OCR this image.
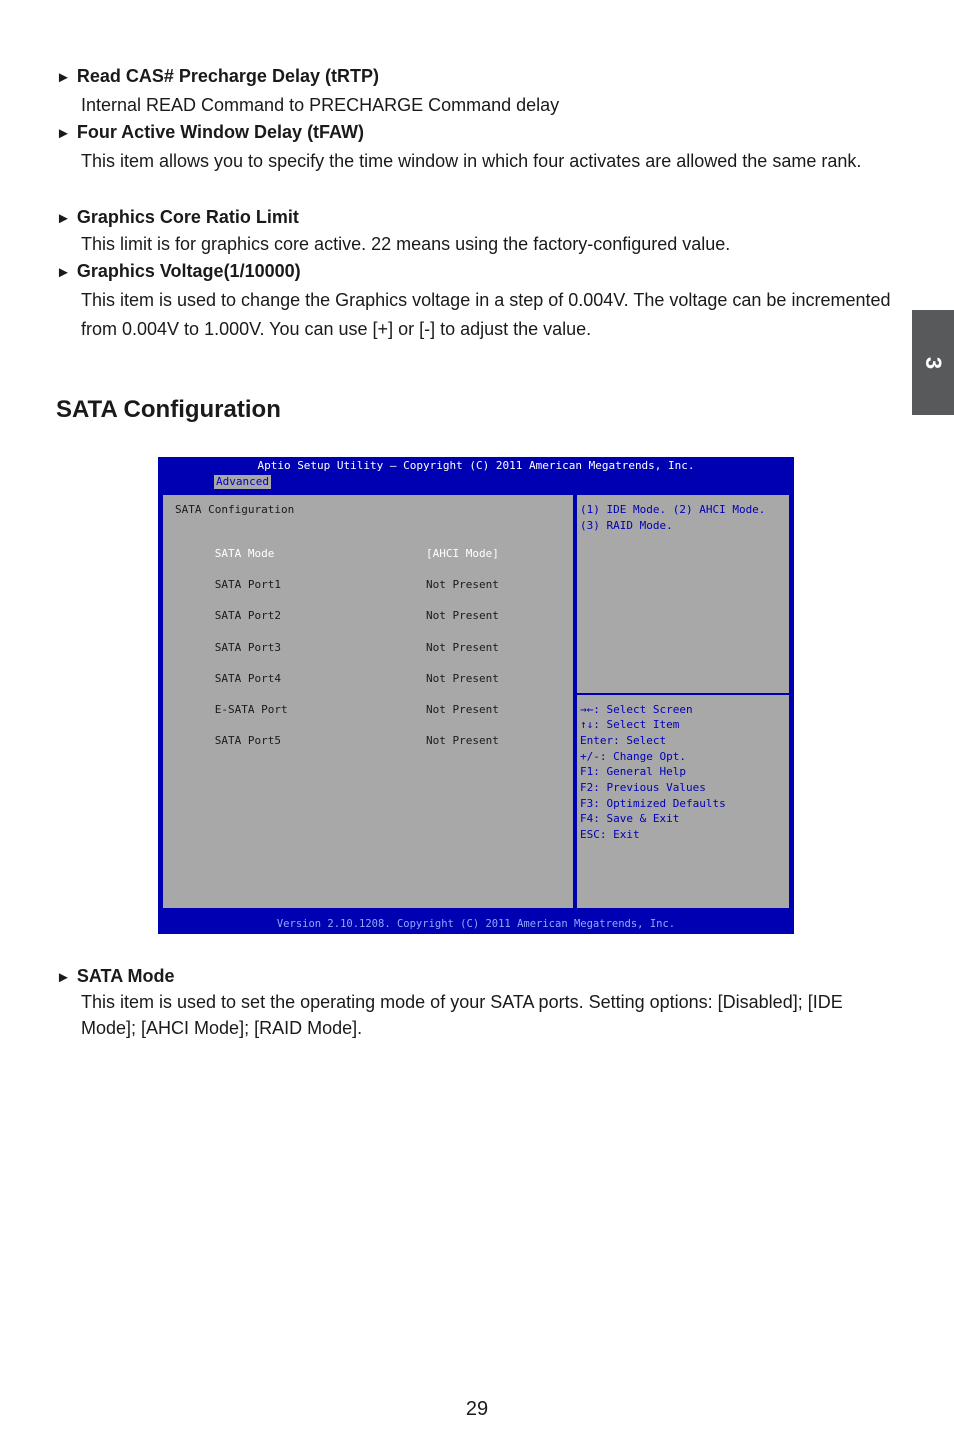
► Read CAS# Precharge Delay (tRTP)
Internal READ Command to PRECHARGE Command delay
► Four Active Window Delay (tFAW)
This item allows you to specify the time window in which four activates are allowed the same rank.
► Graphics Core Ratio Limit
This limit is for graphics core active. 22 means using the factory-configured value.
► Graphics Voltage(1/10000)
This item is used to change the Graphics voltage in a step of 0.004V. The voltage can be incremented from 0.004V to 1.000V. You can use [+] or [-] to adjust the value.
3
SATA Configuration
Aptio Setup Utility – Copyright (C) 2011 American Megatrends, Inc.
Advanced
SATA Configuration

SATA Mode	[AHCI Mode]

SATA Port1	Not Present

SATA Port2	Not Present

SATA Port3	Not Present

SATA Port4	Not Present

E-SATA Port	Not Present

SATA Port5	Not Present

(1) IDE Mode. (2) AHCI Mode.
(3) RAID Mode.
→←: Select Screen
↑↓: Select Item
Enter: Select
+/-: Change Opt.
F1: General Help
F2: Previous Values
F3: Optimized Defaults
F4: Save & Exit
ESC: Exit
Version 2.10.1208. Copyright (C) 2011 American Megatrends, Inc.
► SATA Mode
This item is used to set the operating mode of your SATA ports. Setting options: [Disabled]; [IDE Mode]; [AHCI Mode]; [RAID Mode].
29
